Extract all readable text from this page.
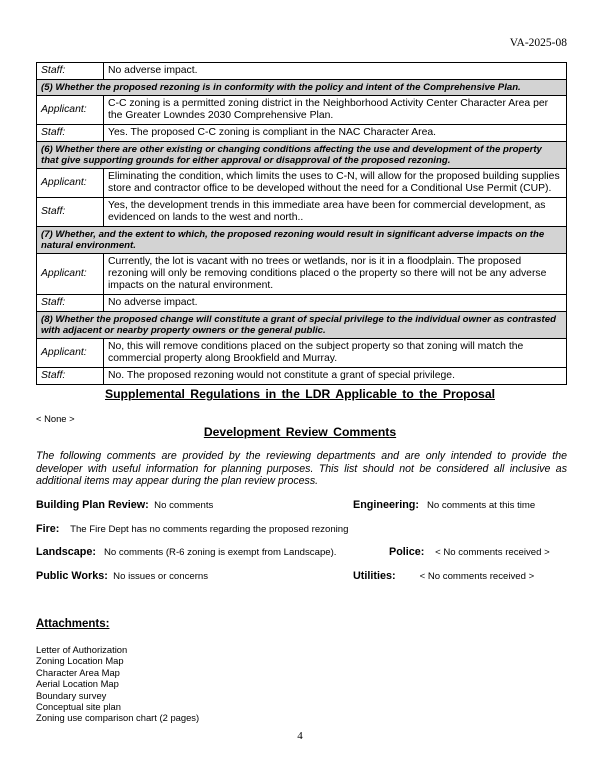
VA-2025-08
Staff:	No adverse impact.
(5) Whether the proposed rezoning is in conformity with the policy and intent of the Comprehensive Plan.	
Applicant:	C-C zoning is a permitted zoning district in the Neighborhood Activity Center Character Area per the Greater Lowndes 2030 Comprehensive Plan.
Staff:	Yes. The proposed C-C zoning is compliant in the NAC Character Area.
(6) Whether there are other existing or changing conditions affecting the use and development of the property that give supporting grounds for either approval or disapproval of the proposed rezoning.	
Applicant:	Eliminating the condition, which limits the uses to C-N, will allow for the proposed building supplies store and contractor office to be developed without the need for a Conditional Use Permit (CUP).
Staff:	Yes, the development trends in this immediate area have been for commercial development, as evidenced on lands to the west and north..
(7) Whether, and the extent to which, the proposed rezoning would result in significant adverse impacts on the natural environment.	
Applicant:	Currently, the lot is vacant with no trees or wetlands, nor is it in a floodplain. The proposed rezoning will only be removing conditions placed o the property so there will not be any adverse impacts on the natural environment.
Staff:	No adverse impact.
(8) Whether the proposed change will constitute a grant of special privilege to the individual owner as contrasted with adjacent or nearby property owners or the general public.	
Applicant:	No, this will remove conditions placed on the subject property so that zoning will match the commercial property along Brookfield and Murray.
Staff:	No. The proposed rezoning would not constitute a grant of special privilege.
Supplemental Regulations in the LDR Applicable to the Proposal
< None >
Development Review Comments
The following comments are provided by the reviewing departments and are only intended to provide the developer with useful information for planning purposes. This list should not be considered all inclusive as additional items may appear during the plan review process.
Building Plan Review: No comments	Engineering: No comments at this time
Fire: The Fire Dept has no comments regarding the proposed rezoning
Landscape: No comments (R-6 zoning is exempt from Landscape).	Police: < No comments received >
Public Works: No issues or concerns	Utilities:	< No comments received >
Attachments:
Letter of Authorization
Zoning Location Map
Character Area Map
Aerial Location Map
Boundary survey
Conceptual site plan
Zoning use comparison chart (2 pages)
4
